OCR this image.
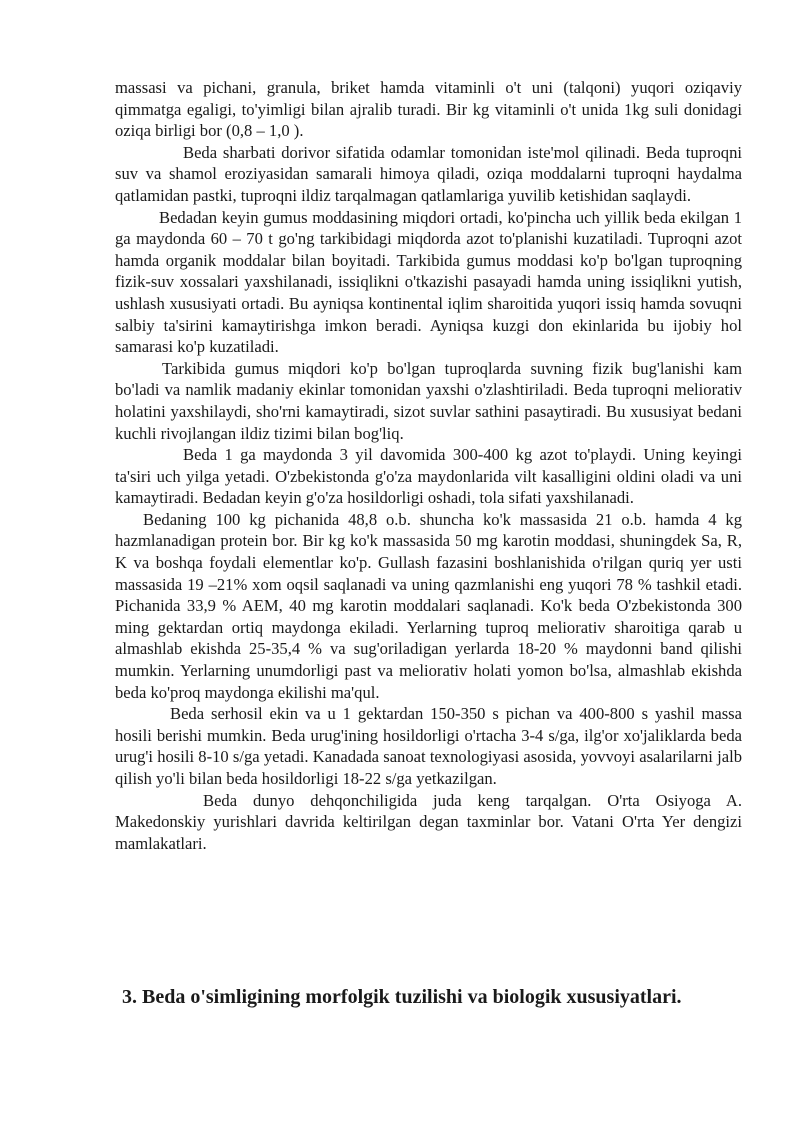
massasi va pichani, granula, briket hamda vitaminli o't uni (talqoni) yuqori oziqaviy qimmatga egaligi, to'yimligi bilan ajralib turadi. Bir kg vitaminli o't unida 1kg suli donidagi oziqa birligi bor (0,8 – 1,0 ).

Beda sharbati dorivor sifatida odamlar tomonidan iste'mol qilinadi. Beda tuproqni suv va shamol eroziyasidan samarali himoya qiladi, oziqa moddalarni tuproqni haydalma qatlamidan pastki, tuproqni ildiz tarqalmagan qatlamlariga yuvilib ketishidan saqlaydi.

Bedadan keyin gumus moddasining miqdori ortadi, ko'pincha uch yillik beda ekilgan 1 ga maydonda 60 – 70 t go'ng tarkibidagi miqdorda azot to'planishi kuzatiladi. Tuproqni azot hamda organik moddalar bilan boyitadi. Tarkibida gumus moddasi ko'p bo'lgan tuproqning fizik-suv xossalari yaxshilanadi, issiqlikni o'tkazishi pasayadi hamda uning issiqlikni yutish, ushlash xususiyati ortadi. Bu ayniqsa kontinental iqlim sharoitida yuqori issiq hamda sovuqni salbiy ta'sirini kamaytirishga imkon beradi. Ayniqsa kuzgi don ekinlarida bu ijobiy hol samarasi ko'p kuzatiladi.

Tarkibida gumus miqdori ko'p bo'lgan tuproqlarda suvning fizik bug'lanishi kam bo'ladi va namlik madaniy ekinlar tomonidan yaxshi o'zlashtiriladi. Beda tuproqni meliorativ holatini yaxshilaydi, sho'rni kamaytiradi, sizot suvlar sathini pasaytiradi. Bu xususiyat bedani kuchli rivojlangan ildiz tizimi bilan bog'liq.

Beda 1 ga maydonda 3 yil davomida 300-400 kg azot to'playdi. Uning keyingi ta'siri uch yilga yetadi. O'zbekistonda g'o'za maydonlarida vilt kasalligini oldini oladi va uni kamaytiradi. Bedadan keyin g'o'za hosildorligi oshadi, tola sifati yaxshilanadi.

Bedaning 100 kg pichanida 48,8 o.b. shuncha ko'k massasida 21 o.b. hamda 4 kg hazmlanadigan protein bor. Bir kg ko'k massasida 50 mg karotin moddasi, shuningdek Sa, R, K va boshqa foydali elementlar ko'p. Gullash fazasini boshlanishida o'rilgan quriq yer usti massasida 19 –21% xom oqsil saqlanadi va uning qazmlanishi eng yuqori 78 % tashkil etadi. Pichanida 33,9 % AEM, 40 mg karotin moddalari saqlanadi. Ko'k beda O'zbekistonda 300 ming gektardan ortiq maydonga ekiladi. Yerlarning tuproq meliorativ sharoitiga qarab u almashlab ekishda 25-35,4 % va sug'oriladigan yerlarda 18-20 % maydonni band qilishi mumkin. Yerlarning unumdorligi past va meliorativ holati yomon bo'lsa, almashlab ekishda beda ko'proq maydonga ekilishi ma'qul.

Beda serhosil ekin va u 1 gektardan 150-350 s pichan va 400-800 s yashil massa hosili berishi mumkin. Beda urug'ining hosildorligi o'rtacha 3-4 s/ga, ilg'or xo'jaliklarda beda urug'i hosili 8-10 s/ga yetadi. Kanadada sanoat texnologiyasi asosida, yovvoyi asalarilarni jalb qilish yo'li bilan beda hosildorligi 18-22 s/ga yetkazilgan.

Beda dunyo dehqonchiligida juda keng tarqalgan. O'rta Osiyoga A. Makedonskiy yurishlari davrida keltirilgan degan taxminlar bor. Vatani O'rta Yer dengizi mamlakatlari.

3. Beda o'simligining morfolgik tuzilishi va biologik xususiyatlari.
